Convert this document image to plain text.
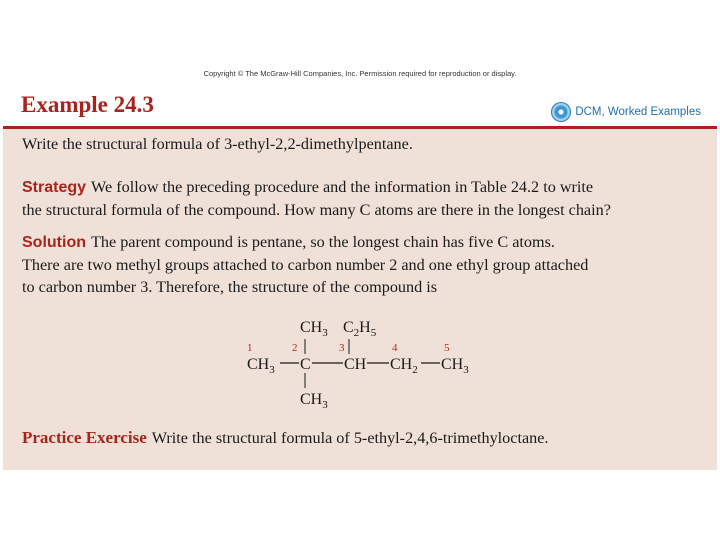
Copyright © The McGraw-Hill Companies, Inc. Permission required for reproduction or display.
Example 24.3	DCM, Worked Examples
Write the structural formula of 3-ethyl-2,2-dimethylpentane.
Strategy We follow the preceding procedure and the information in Table 24.2 to write
the structural formula of the compound. How many C atoms are there in the longest chain?
Solution The parent compound is pentane, so the longest chain has five C atoms.
There are two methyl groups attached to carbon number 2 and one ethyl group attached
to carbon number 3. Therefore, the structure of the compound is
1	2	3	4	5
$CH_3$ $C_2H_5$
$CH_3$ C CH $CH_2$ $CH_3$
$CH_3$
Practice Exercise Write the structural formula of 5-ethyl-2,4,6-trimethyloctane.
